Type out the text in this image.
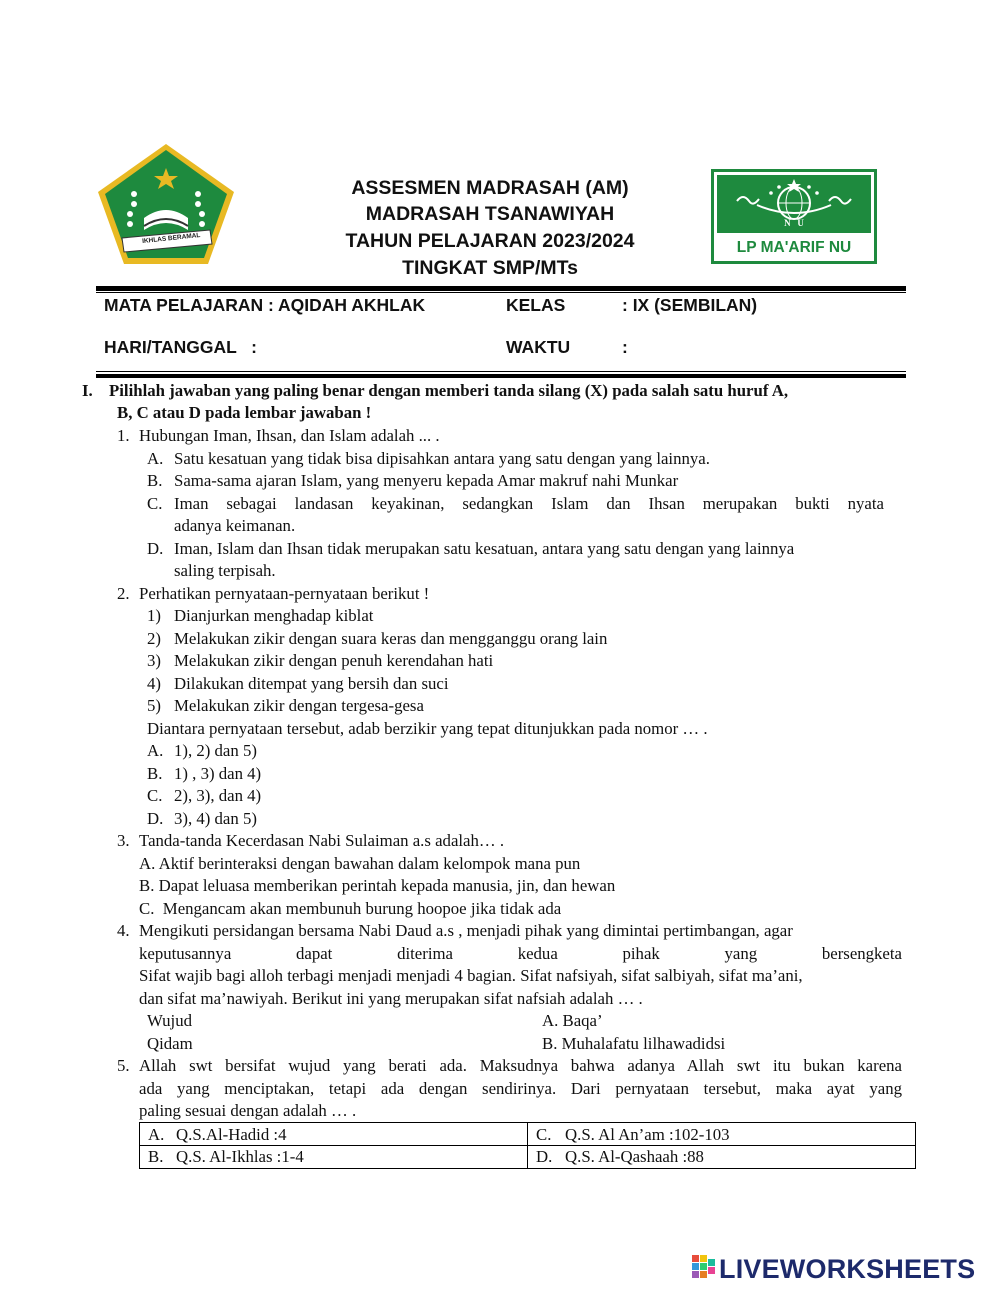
IKHLAS BERAMAL
ASSESMEN MADRASAH (AM)
MADRASAH TSANAWIYAH
TAHUN PELAJARAN 2023/2024
TINGKAT SMP/MTs
N   U
LP MA'ARIF NU
MATA PELAJARAN : AQIDAH AKHLAK	KELAS	: IX (SEMBILAN)
HARI/TANGGAL   :	WAKTU	:
I. Pilihlah jawaban yang paling benar dengan memberi tanda silang (X) pada salah satu huruf A,
B, C atau D pada lembar jawaban !
1. Hubungan Iman, Ihsan, dan Islam adalah ... .
A. Satu kesatuan yang tidak bisa dipisahkan antara yang satu dengan yang lainnya.
B. Sama-sama ajaran Islam, yang menyeru kepada Amar makruf nahi Munkar
C. Iman sebagai landasan keyakinan, sedangkan Islam dan Ihsan merupakan bukti nyata
adanya keimanan.
D. Iman, Islam dan Ihsan tidak merupakan satu kesatuan, antara yang satu dengan yang lainnya
saling terpisah.
2. Perhatikan pernyataan-pernyataan berikut !
1) Dianjurkan menghadap kiblat
2) Melakukan zikir dengan suara keras dan mengganggu orang lain
3) Melakukan zikir dengan penuh kerendahan hati
4) Dilakukan ditempat yang bersih dan suci
5) Melakukan zikir dengan tergesa-gesa
Diantara pernyataan tersebut, adab berzikir yang tepat ditunjukkan pada nomor … .
A. 1), 2) dan 5)
B. 1) , 3) dan 4)
C. 2), 3), dan 4)
D. 3), 4) dan 5)
3. Tanda-tanda Kecerdasan Nabi Sulaiman a.s adalah… .
A. Aktif berinteraksi dengan bawahan dalam kelompok mana pun
B. Dapat leluasa memberikan perintah kepada manusia, jin, dan hewan
C.  Mengancam akan membunuh burung hoopoe jika tidak ada
4. Mengikuti persidangan bersama Nabi Daud a.s , menjadi pihak yang dimintai pertimbangan, agar
keputusannya dapat diterima kedua pihak yang bersengketa
Sifat wajib bagi alloh terbagi menjadi menjadi 4 bagian. Sifat nafsiyah, sifat salbiyah, sifat ma’ani,
dan sifat ma’nawiyah. Berikut ini yang merupakan sifat nafsiah adalah … .
Wujud	A. Baqa’
Qidam	B. Muhalafatu lilhawadidsi
5. Allah swt bersifat wujud yang berati ada. Maksudnya bahwa adanya Allah swt itu bukan karena
ada yang menciptakan, tetapi ada dengan sendirinya. Dari pernyataan tersebut, maka ayat yang
paling sesuai dengan adalah … .
A. Q.S.Al-Hadid :4	C. Q.S. Al An’am :102-103
B. Q.S. Al-Ikhlas :1-4	D. Q.S. Al-Qashaah :88
LIVEWORKSHEETS
